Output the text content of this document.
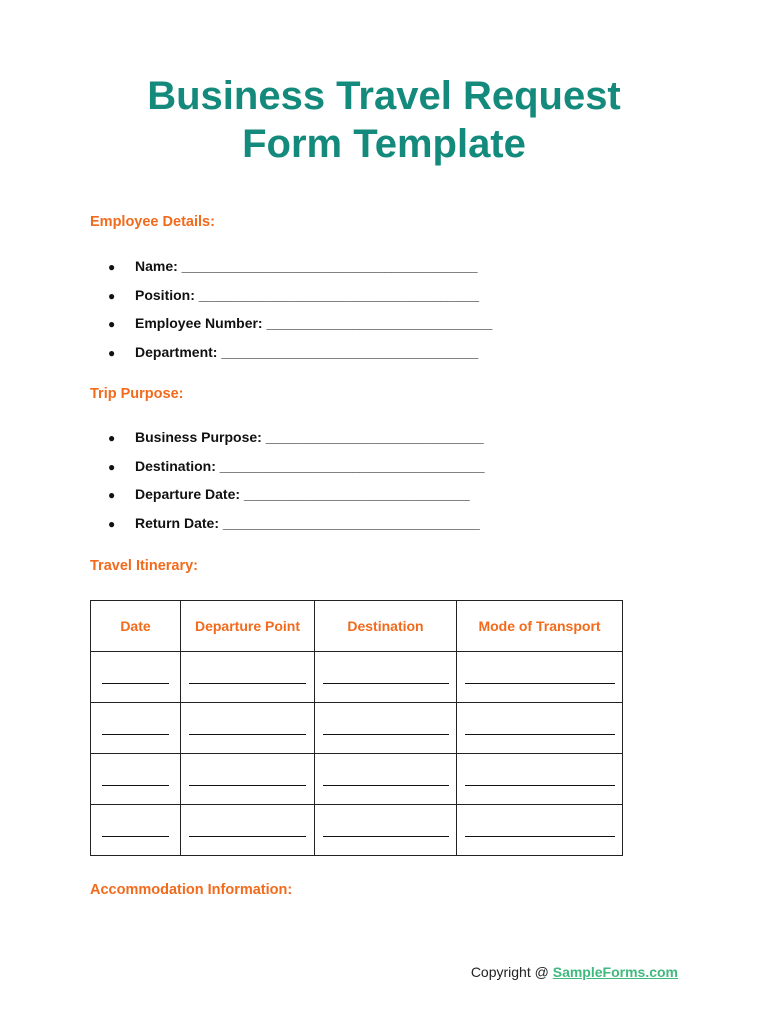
Business Travel Request
Form Template
Employee Details:
● Name: ______________________________________
● Position: ____________________________________
● Employee Number: _____________________________
● Department: _________________________________
Trip Purpose:
● Business Purpose: ____________________________
● Destination: __________________________________
● Departure Date: _____________________________
● Return Date: _________________________________
Travel Itinerary:
Date	Departure Point	Destination	Mode of Transport

Accommodation Information:
Copyright @ SampleForms.com
